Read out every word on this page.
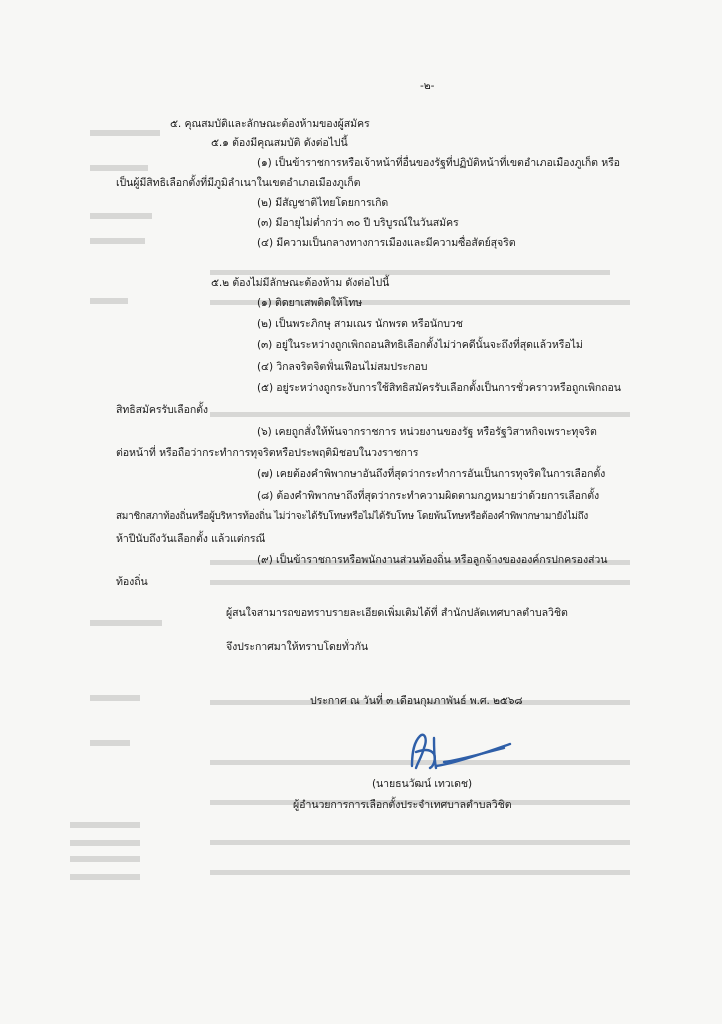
-๒-
๕. คุณสมบัติและลักษณะต้องห้ามของผู้สมัคร
๕.๑ ต้องมีคุณสมบัติ ดังต่อไปนี้
(๑) เป็นข้าราชการหรือเจ้าหน้าที่อื่นของรัฐที่ปฏิบัติหน้าที่เขตอำเภอเมืองภูเก็ต หรือ
เป็นผู้มีสิทธิเลือกตั้งที่มีภูมิลำเนาในเขตอำเภอเมืองภูเก็ต
(๒) มีสัญชาติไทยโดยการเกิด
(๓) มีอายุไม่ต่ำกว่า ๓๐ ปี บริบูรณ์ในวันสมัคร
(๔) มีความเป็นกลางทางการเมืองและมีความซื่อสัตย์สุจริต
๕.๒ ต้องไม่มีลักษณะต้องห้าม ดังต่อไปนี้
(๑) ติดยาเสพติดให้โทษ
(๒) เป็นพระภิกษุ สามเณร นักพรต หรือนักบวช
(๓) อยู่ในระหว่างถูกเพิกถอนสิทธิเลือกตั้งไม่ว่าคดีนั้นจะถึงที่สุดแล้วหรือไม่
(๔) วิกลจริตจิตฟั่นเฟือนไม่สมประกอบ
(๕) อยู่ระหว่างถูกระงับการใช้สิทธิสมัครรับเลือกตั้งเป็นการชั่วคราวหรือถูกเพิกถอน
สิทธิสมัครรับเลือกตั้ง
(๖) เคยถูกสั่งให้พ้นจากราชการ หน่วยงานของรัฐ หรือรัฐวิสาหกิจเพราะทุจริต
ต่อหน้าที่ หรือถือว่ากระทำการทุจริตหรือประพฤติมิชอบในวงราชการ
(๗) เคยต้องคำพิพากษาอันถึงที่สุดว่ากระทำการอันเป็นการทุจริตในการเลือกตั้ง
(๘) ต้องคำพิพากษาถึงที่สุดว่ากระทำความผิดตามกฎหมายว่าด้วยการเลือกตั้ง
สมาชิกสภาท้องถิ่นหรือผู้บริหารท้องถิ่น ไม่ว่าจะได้รับโทษหรือไม่ได้รับโทษ โดยพ้นโทษหรือต้องคำพิพากษามายังไม่ถึง
ห้าปีนับถึงวันเลือกตั้ง แล้วแต่กรณี
(๙) เป็นข้าราชการหรือพนักงานส่วนท้องถิ่น หรือลูกจ้างขององค์กรปกครองส่วน
ท้องถิ่น
ผู้สนใจสามารถขอทราบรายละเอียดเพิ่มเติมได้ที่ สำนักปลัดเทศบาลตำบลวิชิต
จึงประกาศมาให้ทราบโดยทั่วกัน
ประกาศ ณ วันที่ ๓ เดือนกุมภาพันธ์ พ.ศ. ๒๕๖๘
(นายธนวัฒน์ เทวเดช)
ผู้อำนวยการการเลือกตั้งประจำเทศบาลตำบลวิชิต
